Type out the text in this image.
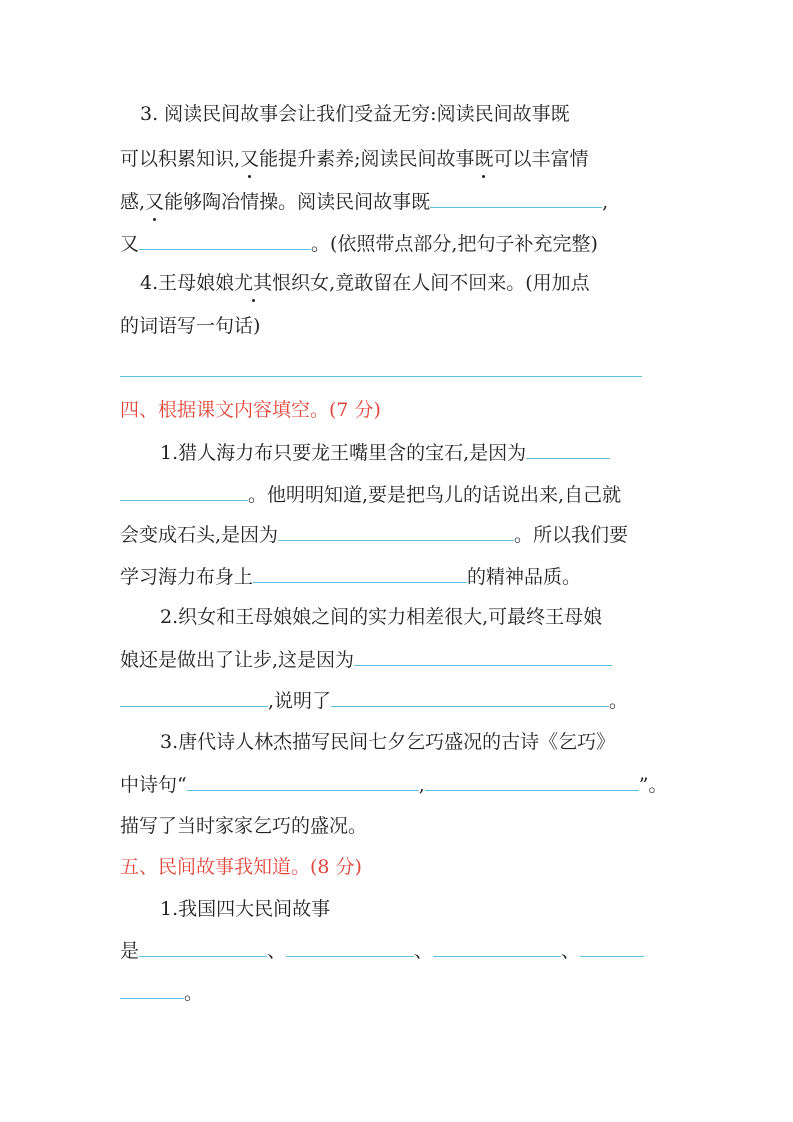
3. 阅读民间故事会让我们受益无穷:阅读民间故事既
可以积累知识,又能提升素养;阅读民间故事既可以丰富情
感,又能够陶冶情操。阅读民间故事既	,
又	。(依照带点部分,把句子补充完整)
4.王母娘娘尤其恨织女,竟敢留在人间不回来。(用加点
的词语写一句话)
四、根据课文内容填空。(7 分)
1.猎人海力布只要龙王嘴里含的宝石,是因为
。他明明知道,要是把鸟儿的话说出来,自己就
会变成石头,是因为	。所以我们要
学习海力布身上	的精神品质。
2.织女和王母娘娘之间的实力相差很大,可最终王母娘
娘还是做出了让步,这是因为
,说明了	。
3.唐代诗人林杰描写民间七夕乞巧盛况的古诗《乞巧》
中诗句“	,	”。
描写了当时家家乞巧的盛况。
五、民间故事我知道。(8 分)
1.我国四大民间故事
是	、	、	、
。
